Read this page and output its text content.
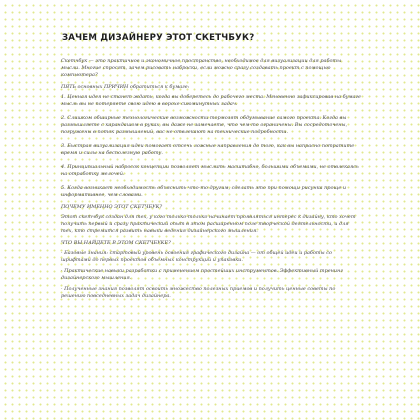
ЗАЧЕМ ДИЗАЙНЕРУ ЭТОТ СКЕТЧБУК?

Скетчбук — это практичное и экономичное пространство, необходимое для визуализации для работы мысли. Многие спросят, зачем рисовать наброски, если можно сразу создавать проект с помощью компьютера?

ПЯТЬ основных ПРИЧИН обратиться к бумаге:

1. Ценная идея не станет ждать, когда вы доберетесь до рабочего места. Мгновенно зафиксировав на бумаге мысль вы не потеряете свою идею в вороxe сиюминутных задач.

2. Слишком обширные технологические возможности тормозят обдумывание самого проекта. Когда вы размышляете с карандашом в руках, вы даже не замечаете, что чем-то ограничены. Вы сосредоточены, погружены в поток размышлений, вас не отвлекают на технические подробности.

3. Быстрая визуализация идеи помогает отсечь ложные направления до того, как вы напрасно потратите время и силы на бесполезную работу.

4. Принципиальный набросок концепции позволяет мыслить масштабно, большими объемами, не отвлекаясь на отработку мелочей.

5. Когда возникает необходимость объяснить что-то другим, сделать это при помощи рисунка проще и информативнее, чем словами.

ПОЧЕМУ ИМЕННО ЭТОТ СКЕТЧБУК?

Этот скетчбук создан для тех, у кого только-только начинает проявляться интерес к дизайну, кто хочет получить первый и сразу практический опыт в этом расширенном поле творческой деятельности, и для тех, кто стремится развить навыки ведения дизайнерского мышления.

ЧТО ВЫ НАЙДЕТЕ В ЭТОМ СКЕТЧБУКЕ?

· Базовые знания: стартовый уровень освоения графического дизайна — от общей идеи и работы со шрифтами до первых проектов объемных конструкций и упаковки.

· Практические навыки разработки с применением простейших инструментов. Эффективный тренинг дизайнерского мышления.

· Полученные знания позволят освоить множество полезных приемов и получить ценные советы по решению повседневных задач дизайнера.
